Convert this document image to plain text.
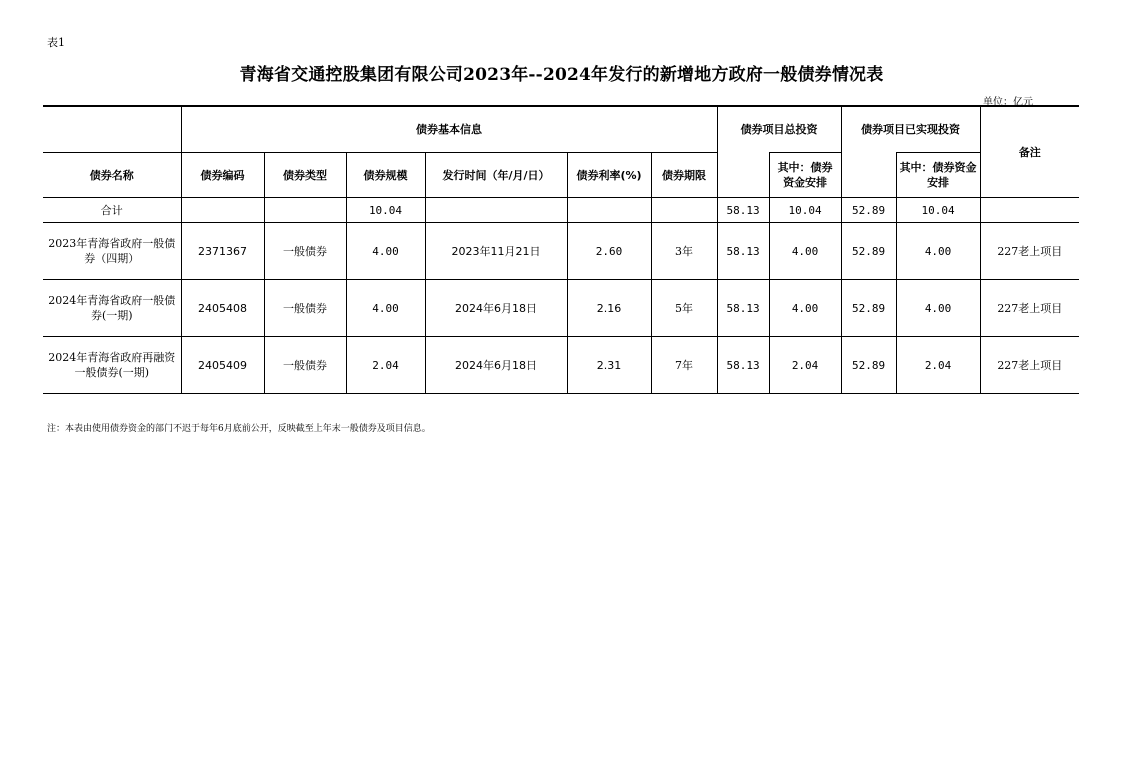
表1
青海省交通控股集团有限公司2023年--2024年发行的新增地方政府一般债券情况表
单位：亿元
	债券基本信息						债券项目总投资		债券项目已实现投资		备注
债券名称	债券编码	债券类型	债券规模	发行时间（年/月/日）	债券利率(%)	债券期限		其中：债券资金安排		其中：债券资金安排	
合计			10.04				58.13	10.04	52.89	10.04	
2023年青海省政府一般债券（四期）	2371367	一般债券	4.00	2023年11月21日	2.60	3年	58.13	4.00	52.89	4.00	227老上项目
2024年青海省政府一般债券(一期)	2405408	一般债券	4.00	2024年6月18日	2.16	5年	58.13	4.00	52.89	4.00	227老上项目
2024年青海省政府再融资一般债券(一期)	2405409	一般债券	2.04	2024年6月18日	2.31	7年	58.13	2.04	52.89	2.04	227老上项目
注：本表由使用债券资金的部门不迟于每年6月底前公开，反映截至上年末一般债券及项目信息。
